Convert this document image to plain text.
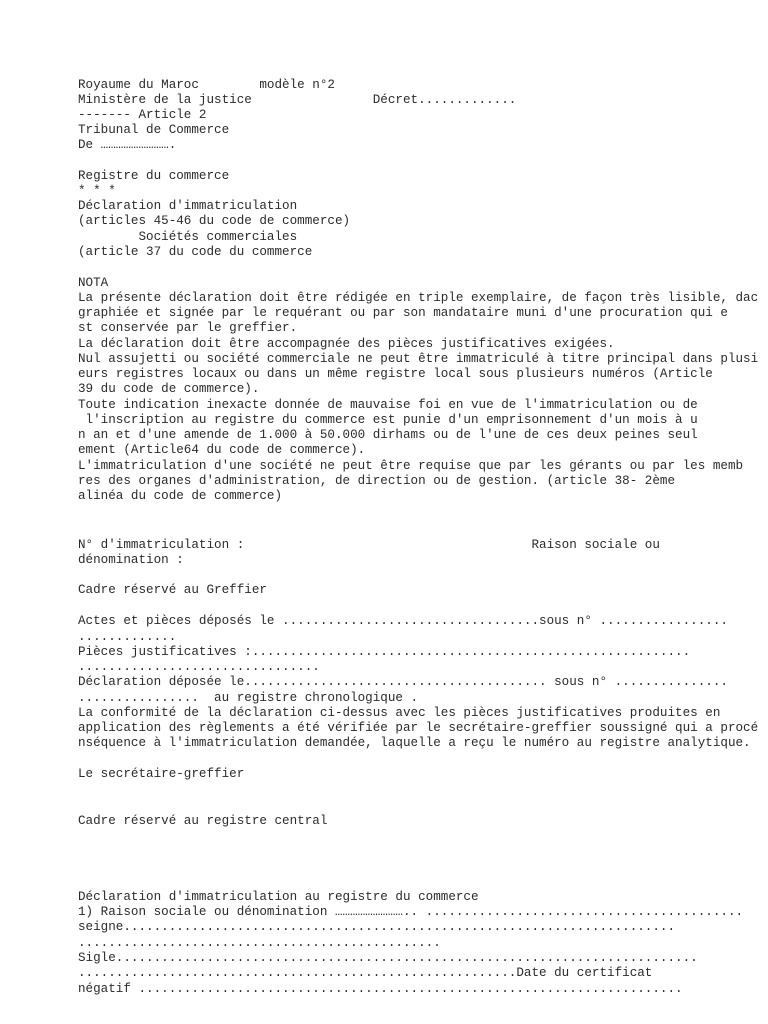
Royaume du Maroc        modèle n°2

Ministère de la justice                Décret.............

------- Article 2

Tribunal de Commerce

De ……………………….

Registre du commerce

* * *

Déclaration d'immatriculation

(articles 45-46 du code de commerce)

Sociétés commerciales

(article 37 du code du commerce

NOTA

La présente déclaration doit être rédigée en triple exemplaire, de façon très lisible, dac

graphiée et signée par le requérant ou par son mandataire muni d'une procuration qui e

st conservée par le greffier.

La déclaration doit être accompagnée des pièces justificatives exigées.

Nul assujetti ou société commerciale ne peut être immatriculé à titre principal dans plusi

eurs registres locaux ou dans un même registre local sous plusieurs numéros (Article

39 du code de commerce).

Toute indication inexacte donnée de mauvaise foi en vue de l'immatriculation ou de

l'inscription au registre du commerce est punie d'un emprisonnement d'un mois à u

n an et d'une amende de 1.000 à 50.000 dirhams ou de l'une de ces deux peines seul

ement (Article64 du code de commerce).

L'immatriculation d'une société ne peut être requise que par les gérants ou par les memb

res des organes d'administration, de direction ou de gestion. (article 38- 2ème

alinéa du code de commerce)

N° d'immatriculation :                                      Raison sociale ou

dénomination :

Cadre réservé au Greffier

Actes et pièces déposés le ..................................sous n° .................

.............

Pièces justificatives :..........................................................

................................

Déclaration déposée le........................................ sous n° ...............

................  au registre chronologique .

La conformité de la déclaration ci-dessus avec les pièces justificatives produites en

application des règlements a été vérifiée par le secrétaire-greffier soussigné qui a procé

nséquence à l'immatriculation demandée, laquelle a reçu le numéro au registre analytique.

Le secrétaire-greffier

Cadre réservé au registre central

Déclaration d'immatriculation au registre du commerce

1) Raison sociale ou dénomination ……………………….. ..........................................

seigne.........................................................................

................................................

Sigle.............................................................................

..........................................................Date du certificat

négatif ........................................................................
